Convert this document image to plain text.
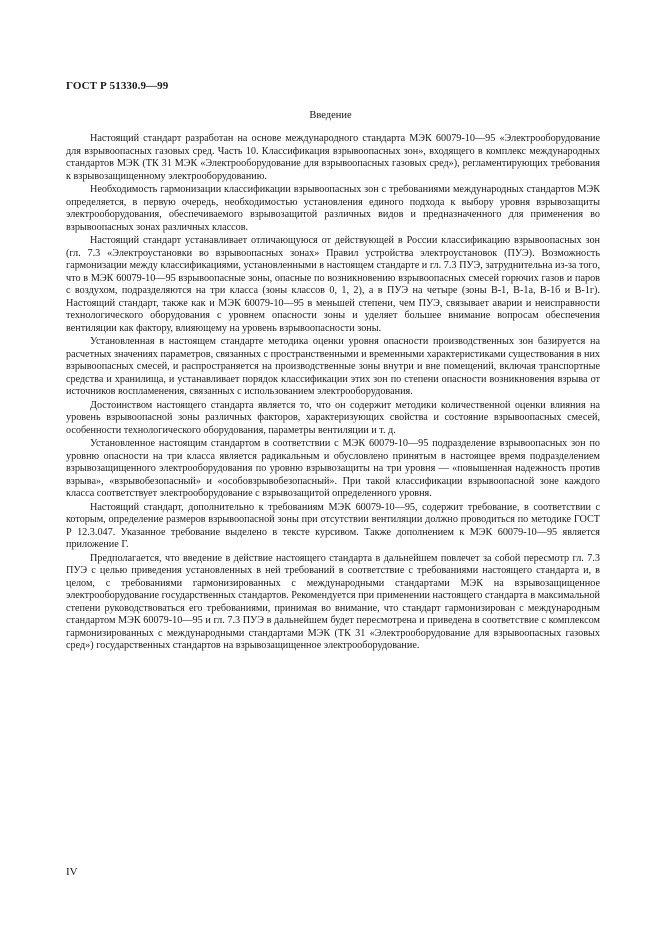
ГОСТ Р 51330.9—99
Введение

Настоящий стандарт разработан на основе международного стандарта МЭК 60079-10—95 «Электрооборудование для взрывоопасных газовых сред. Часть 10. Классификация взрывоопасных зон», входящего в комплекс международных стандартов МЭК (ТК 31 МЭК «Электрооборудование для взрывоопасных газовых сред»), регламентирующих требования к взрывозащищенному электрооборудованию.

Необходимость гармонизации классификации взрывоопасных зон с требованиями международных стандартов МЭК определяется, в первую очередь, необходимостью установления единого подхода к выбору уровня взрывозащиты электрооборудования, обеспечиваемого взрывозащитой различных видов и предназначенного для применения во взрывоопасных зонах различных классов.

Настоящий стандарт устанавливает отличающуюся от действующей в России классификацию взрывоопасных зон (гл. 7.3 «Электроустановки во взрывоопасных зонах» Правил устройства электроустановок (ПУЭ). Возможность гармонизации между классификациями, установленными в настоящем стандарте и гл. 7.3 ПУЭ, затруднительна из-за того, что в МЭК 60079-10—95 взрывоопасные зоны, опасные по возникновению взрывоопасных смесей горючих газов и паров с воздухом, подразделяются на три класса (зоны классов 0, 1, 2), а в ПУЭ на четыре (зоны В-1, В-1а, В-1б и В-1г). Настоящий стандарт, также как и МЭК 60079-10—95 в меньшей степени, чем ПУЭ, связывает аварии и неисправности технологического оборудования с уровнем опасности зоны и уделяет большее внимание вопросам обеспечения вентиляции как фактору, влияющему на уровень взрывоопасности зоны.

Установленная в настоящем стандарте методика оценки уровня опасности производственных зон базируется на расчетных значениях параметров, связанных с пространственными и временными характеристиками существования в них взрывоопасных смесей, и распространяется на производственные зоны внутри и вне помещений, включая транспортные средства и хранилища, и устанавливает порядок классификации этих зон по степени опасности возникновения взрыва от источников воспламенения, связанных с использованием электрооборудования.

Достоинством настоящего стандарта является то, что он содержит методики количественной оценки влияния на уровень взрывоопасной зоны различных факторов, характеризующих свойства и состояние взрывоопасных смесей, особенности технологического оборудования, параметры вентиляции и т. д.

Установленное настоящим стандартом в соответствии с МЭК 60079-10—95 подразделение взрывоопасных зон по уровню опасности на три класса является радикальным и обусловлено принятым в настоящее время подразделением взрывозащищенного электрооборудования по уровню взрывозащиты на три уровня — «повышенная надежность против взрыва», «взрывобезопасный» и «особовзрывобезопасный». При такой классификации взрывоопасной зоне каждого класса соответствует электрооборудование с взрывозащитой определенного уровня.

Настоящий стандарт, дополнительно к требованиям МЭК 60079-10—95, содержит требование, в соответствии с которым, определение размеров взрывоопасной зоны при отсутствии вентиляции должно проводиться по методике ГОСТ Р 12.3.047. Указанное требование выделено в тексте курсивом. Также дополнением к МЭК 60079-10—95 является приложение Г.

Предполагается, что введение в действие настоящего стандарта в дальнейшем повлечет за собой пересмотр гл. 7.3 ПУЭ с целью приведения установленных в ней требований в соответствие с требованиями настоящего стандарта и, в целом, с требованиями гармонизированных с международными стандартами МЭК на взрывозащищенное электрооборудование государственных стандартов. Рекомендуется при применении настоящего стандарта в максимальной степени руководствоваться его требованиями, принимая во внимание, что стандарт гармонизирован с международным стандартом МЭК 60079-10—95 и гл. 7.3 ПУЭ в дальнейшем будет пересмотрена и приведена в соответствие с комплексом гармонизированных с международными стандартами МЭК (ТК 31 «Электрооборудование для взрывоопасных газовых сред») государственных стандартов на взрывозащищенное электрооборудование.

IV
